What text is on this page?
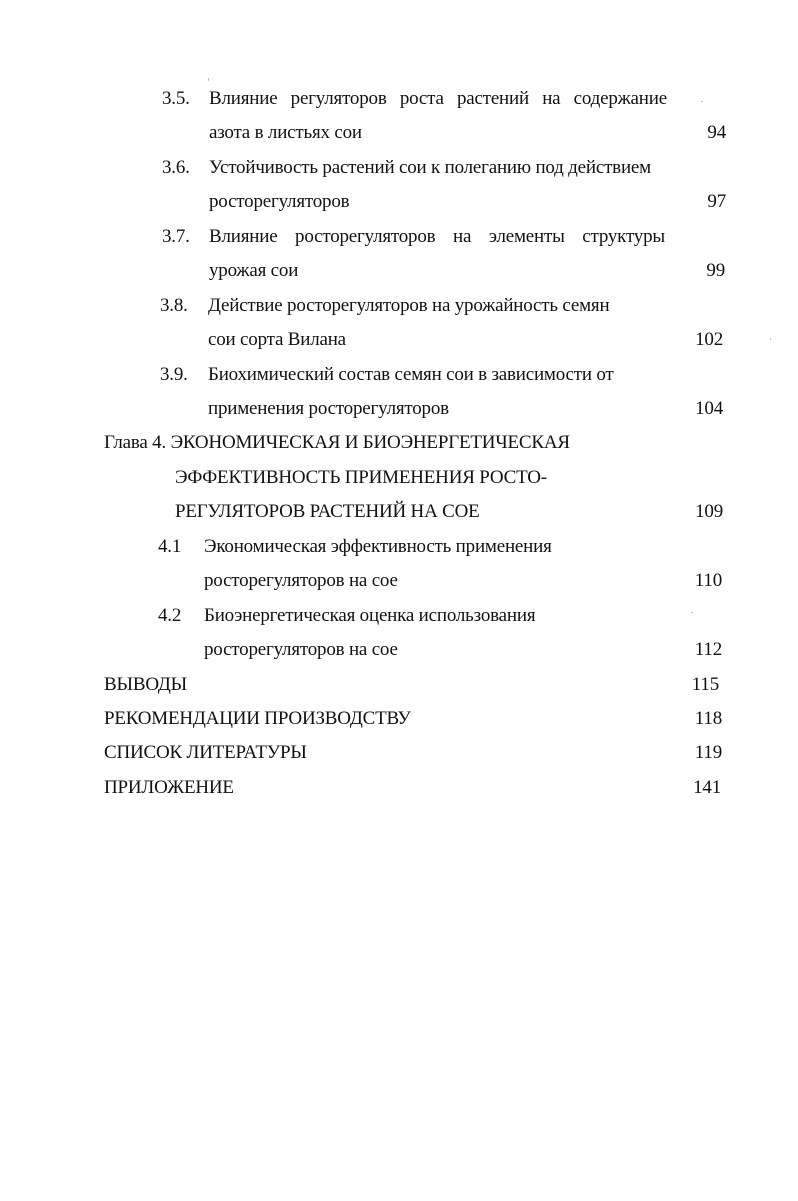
3.5. Влияние регуляторов роста растений на содержание
азота в листьях сои	94
3.6. Устойчивость растений сои к полеганию под действием
росторегуляторов	97
3.7. Влияние росторегуляторов на элементы структуры
урожая сои	99
3.8. Действие росторегуляторов на урожайность семян
сои сорта Вилана	102
3.9. Биохимический состав семян сои в зависимости от
применения росторегуляторов	104
Глава 4. ЭКОНОМИЧЕСКАЯ И БИОЭНЕРГЕТИЧЕСКАЯ
ЭФФЕКТИВНОСТЬ ПРИМЕНЕНИЯ РОСТО-
РЕГУЛЯТОРОВ РАСТЕНИЙ НА СОЕ	109
4.1 Экономическая эффективность применения
росторегуляторов на сое	110
4.2 Биоэнергетическая оценка использования
росторегуляторов на сое	112
ВЫВОДЫ	115
РЕКОМЕНДАЦИИ ПРОИЗВОДСТВУ	118
СПИСОК ЛИТЕРАТУРЫ	119
ПРИЛОЖЕНИЕ	141
